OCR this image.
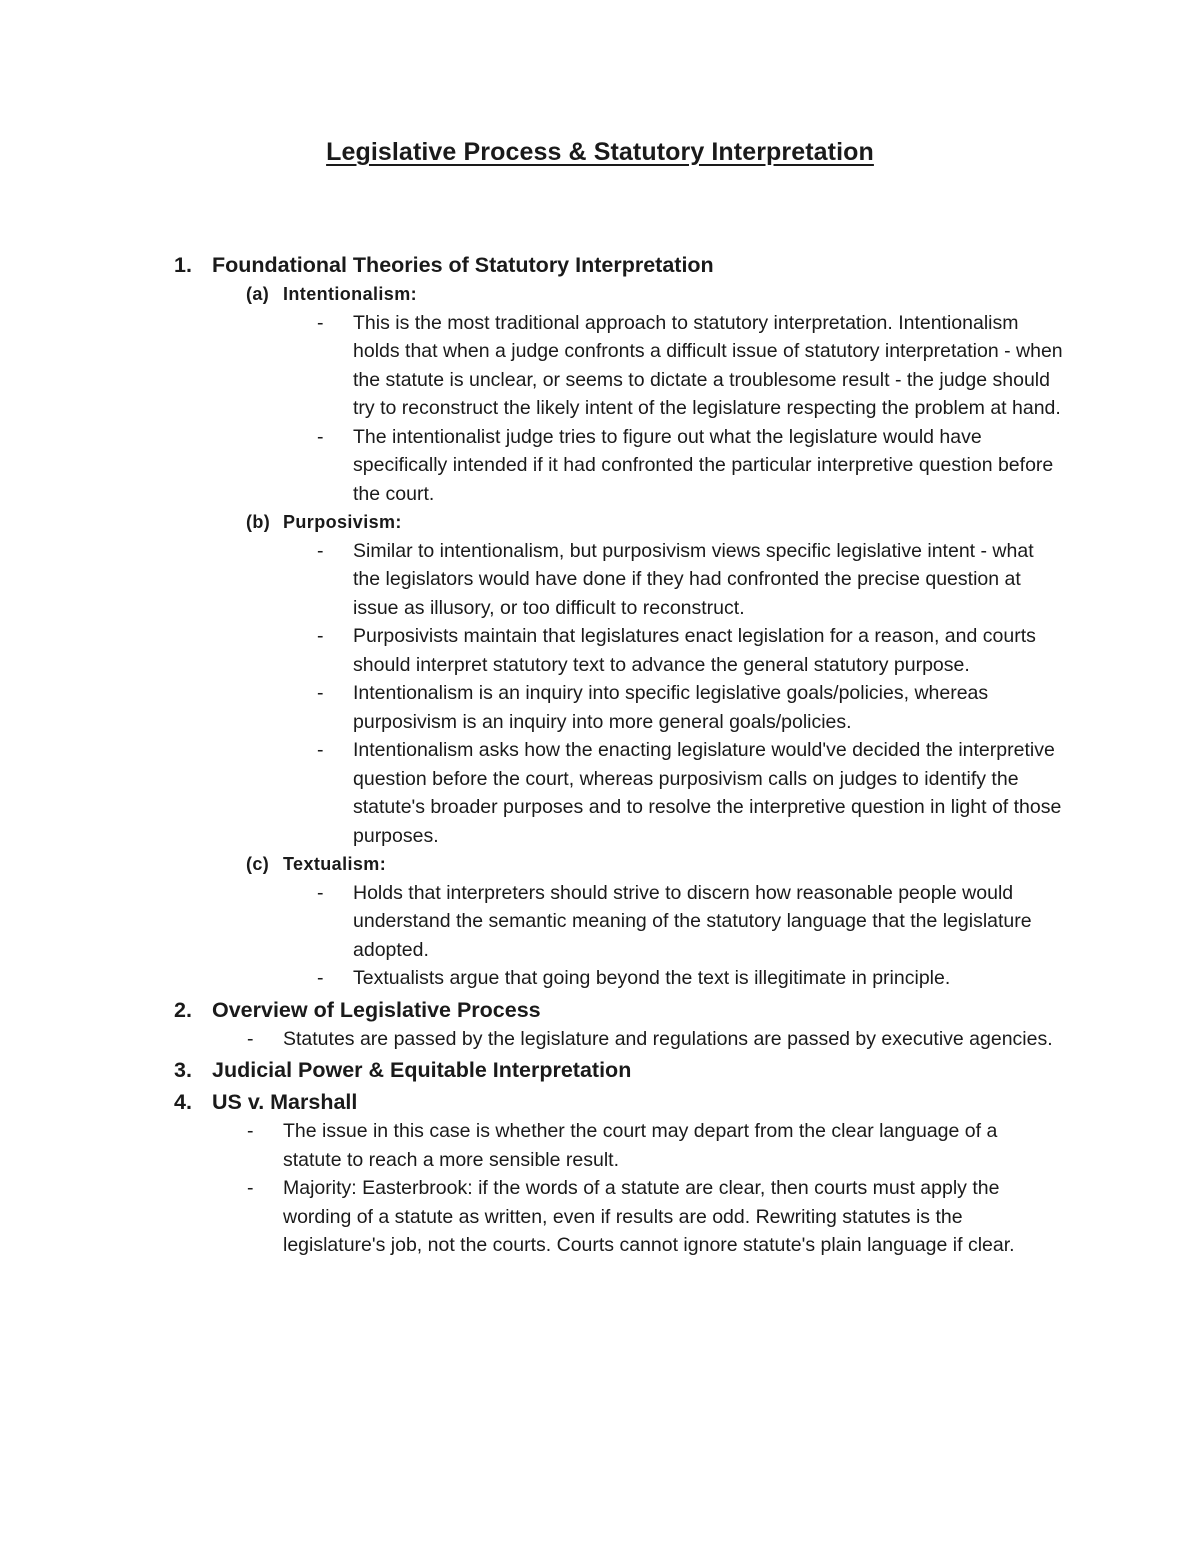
Legislative Process & Statutory Interpretation
1. Foundational Theories of Statutory Interpretation
(a) Intentionalism:
- This is the most traditional approach to statutory interpretation. Intentionalism holds that when a judge confronts a difficult issue of statutory interpretation - when the statute is unclear, or seems to dictate a troublesome result - the judge should try to reconstruct the likely intent of the legislature respecting the problem at hand.
- The intentionalist judge tries to figure out what the legislature would have specifically intended if it had confronted the particular interpretive question before the court.
(b) Purposivism:
- Similar to intentionalism, but purposivism views specific legislative intent - what the legislators would have done if they had confronted the precise question at issue as illusory, or too difficult to reconstruct.
- Purposivists maintain that legislatures enact legislation for a reason, and courts should interpret statutory text to advance the general statutory purpose.
- Intentionalism is an inquiry into specific legislative goals/policies, whereas purposivism is an inquiry into more general goals/policies.
- Intentionalism asks how the enacting legislature would've decided the interpretive question before the court, whereas purposivism calls on judges to identify the statute's broader purposes and to resolve the interpretive question in light of those purposes.
(c) Textualism:
- Holds that interpreters should strive to discern how reasonable people would understand the semantic meaning of the statutory language that the legislature adopted.
- Textualists argue that going beyond the text is illegitimate in principle.
2. Overview of Legislative Process
- Statutes are passed by the legislature and regulations are passed by executive agencies.
3. Judicial Power & Equitable Interpretation
4. US v. Marshall
- The issue in this case is whether the court may depart from the clear language of a statute to reach a more sensible result.
- Majority: Easterbrook: if the words of a statute are clear, then courts must apply the wording of a statute as written, even if results are odd. Rewriting statutes is the legislature's job, not the courts. Courts cannot ignore statute's plain language if clear.
